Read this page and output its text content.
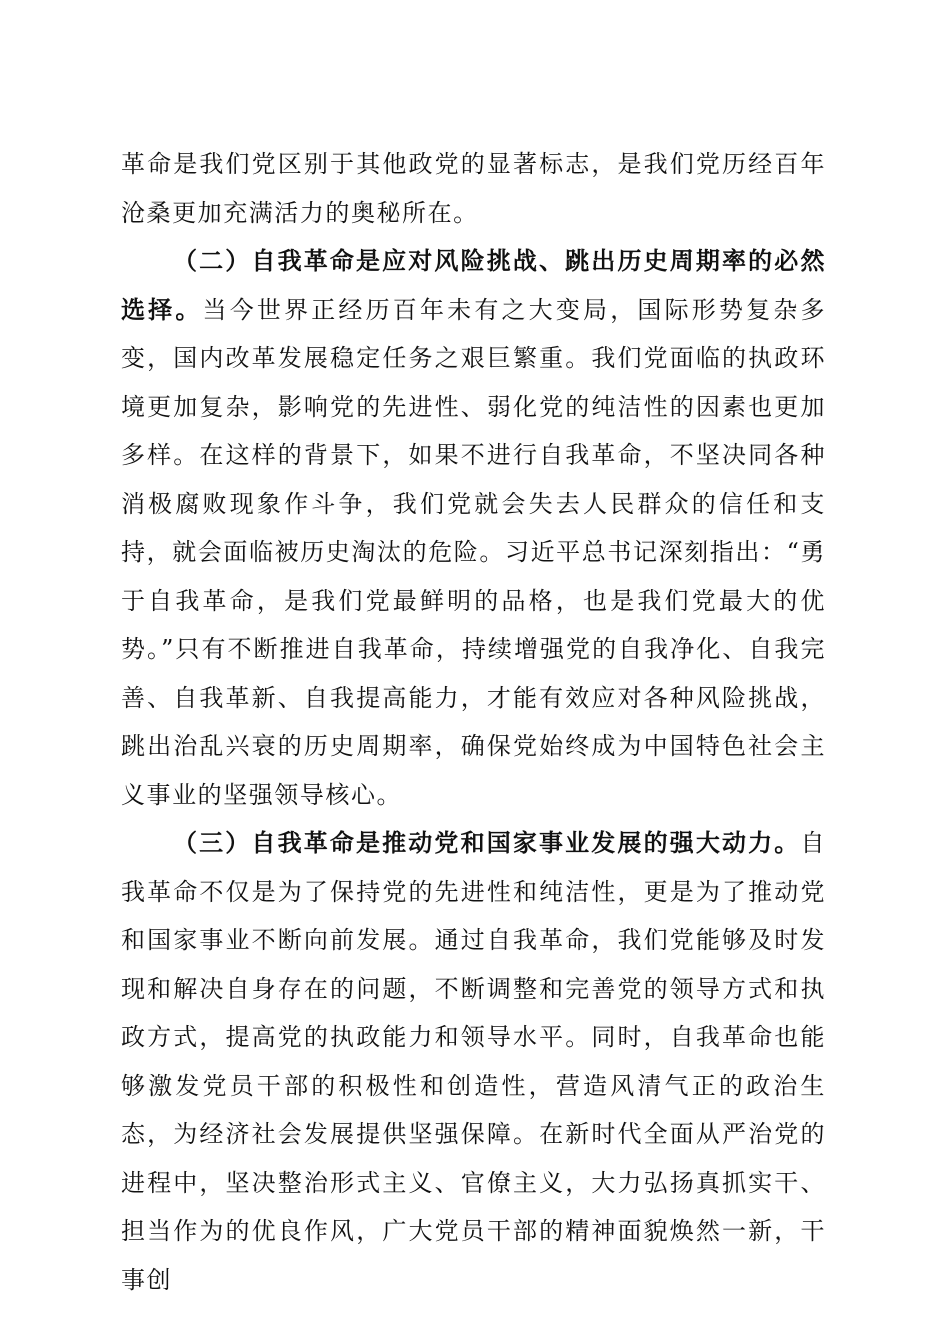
革命是我们党区别于其他政党的显著标志，是我们党历经百年沧桑更加充满活力的奥秘所在。

（二）自我革命是应对风险挑战、跳出历史周期率的必然选择。当今世界正经历百年未有之大变局，国际形势复杂多变，国内改革发展稳定任务之艰巨繁重。我们党面临的执政环境更加复杂，影响党的先进性、弱化党的纯洁性的因素也更加多样。在这样的背景下，如果不进行自我革命，不坚决同各种消极腐败现象作斗争，我们党就会失去人民群众的信任和支持，就会面临被历史淘汰的危险。习近平总书记深刻指出：“勇于自我革命，是我们党最鲜明的品格，也是我们党最大的优势。”只有不断推进自我革命，持续增强党的自我净化、自我完善、自我革新、自我提高能力，才能有效应对各种风险挑战，跳出治乱兴衰的历史周期率，确保党始终成为中国特色社会主义事业的坚强领导核心。

（三）自我革命是推动党和国家事业发展的强大动力。自我革命不仅是为了保持党的先进性和纯洁性，更是为了推动党和国家事业不断向前发展。通过自我革命，我们党能够及时发现和解决自身存在的问题，不断调整和完善党的领导方式和执政方式，提高党的执政能力和领导水平。同时，自我革命也能够激发党员干部的积极性和创造性，营造风清气正的政治生态，为经济社会发展提供坚强保障。在新时代全面从严治党的进程中，坚决整治形式主义、官僚主义，大力弘扬真抓实干、担当作为的优良作风，广大党员干部的精神面貌焕然一新，干事创
